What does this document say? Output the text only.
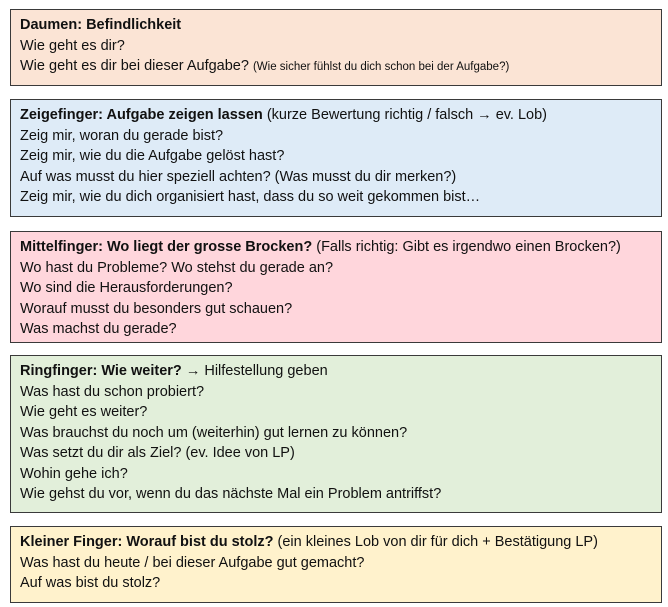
Daumen: Befindlichkeit
Wie geht es dir?
Wie geht es dir bei dieser Aufgabe? (Wie sicher fühlst du dich schon bei der Aufgabe?)
Zeigefinger: Aufgabe zeigen lassen (kurze Bewertung richtig / falsch → ev. Lob)
Zeig mir, woran du gerade bist?
Zeig mir, wie du die Aufgabe gelöst hast?
Auf was musst du hier speziell achten? (Was musst du dir merken?)
Zeig mir, wie du dich organisiert hast, dass du so weit gekommen bist…
Mittelfinger: Wo liegt der grosse Brocken? (Falls richtig: Gibt es irgendwo einen Brocken?)
Wo hast du Probleme? Wo stehst du gerade an?
Wo sind die Herausforderungen?
Worauf musst du besonders gut schauen?
Was machst du gerade?
Ringfinger: Wie weiter? → Hilfestellung geben
Was hast du schon probiert?
Wie geht es weiter?
Was brauchst du noch um (weiterhin) gut lernen zu können?
Was setzt du dir als Ziel? (ev. Idee von LP)
Wohin gehe ich?
Wie gehst du vor, wenn du das nächste Mal ein Problem antriffst?
Kleiner Finger: Worauf bist du stolz? (ein kleines Lob von dir für dich + Bestätigung LP)
Was hast du heute / bei dieser Aufgabe gut gemacht?
Auf was bist du stolz?
